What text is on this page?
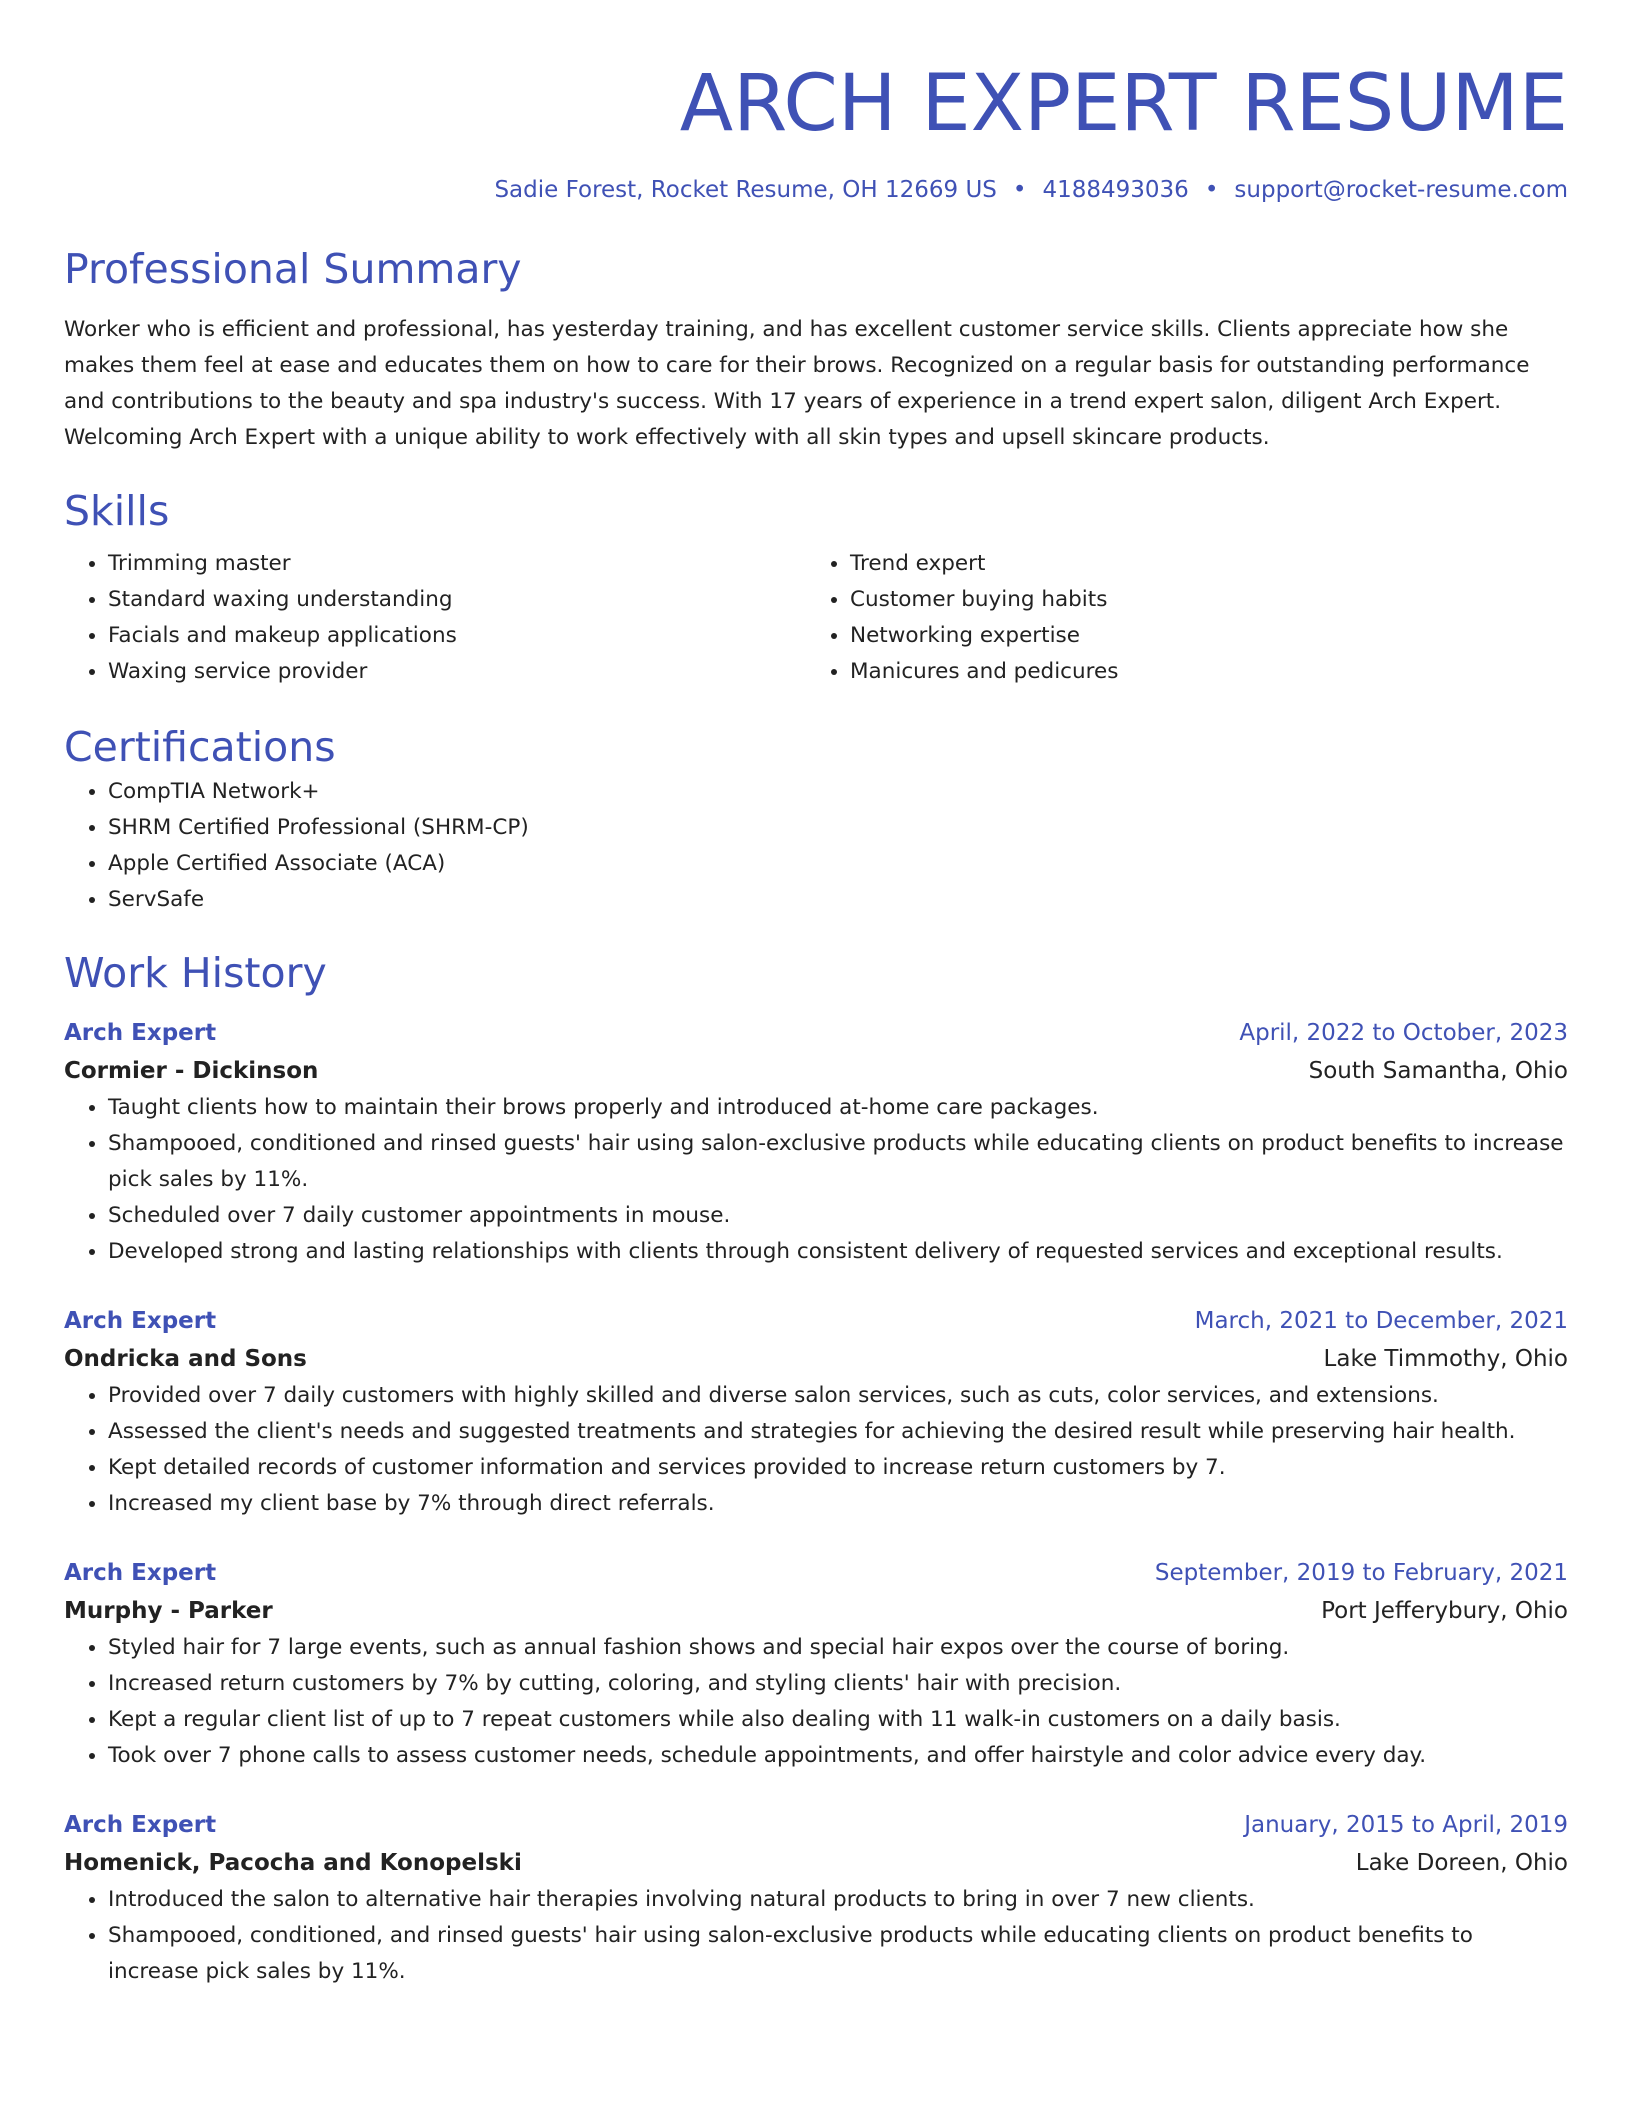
ARCH EXPERT RESUME
Sadie Forest, Rocket Resume, OH 12669 US • 4188493036 • support@rocket-resume.com
Professional Summary

Worker who is efficient and professional, has yesterday training, and has excellent customer service skills. Clients appreciate how she makes them feel at ease and educates them on how to care for their brows. Recognized on a regular basis for outstanding performance and contributions to the beauty and spa industry's success. With 17 years of experience in a trend expert salon, diligent Arch Expert. Welcoming Arch Expert with a unique ability to work effectively with all skin types and upsell skincare products.

Skills
• Trimming master
• Standard waxing understanding
• Facials and makeup applications
• Waxing service provider
• Trend expert
• Customer buying habits
• Networking expertise
• Manicures and pedicures
Certifications
• CompTIA Network+
• SHRM Certified Professional (SHRM-CP)
• Apple Certified Associate (ACA)
• ServSafe
Work History
Arch Expert	April, 2022 to October, 2023
Cormier - Dickinson	South Samantha, Ohio
• Taught clients how to maintain their brows properly and introduced at-home care packages.
• Shampooed, conditioned and rinsed guests' hair using salon-exclusive products while educating clients on product benefits to increase pick sales by 11%.
• Scheduled over 7 daily customer appointments in mouse.
• Developed strong and lasting relationships with clients through consistent delivery of requested services and exceptional results.
Arch Expert	March, 2021 to December, 2021
Ondricka and Sons	Lake Timmothy, Ohio
• Provided over 7 daily customers with highly skilled and diverse salon services, such as cuts, color services, and extensions.
• Assessed the client's needs and suggested treatments and strategies for achieving the desired result while preserving hair health.
• Kept detailed records of customer information and services provided to increase return customers by 7.
• Increased my client base by 7% through direct referrals.
Arch Expert	September, 2019 to February, 2021
Murphy - Parker	Port Jefferybury, Ohio
• Styled hair for 7 large events, such as annual fashion shows and special hair expos over the course of boring.
• Increased return customers by 7% by cutting, coloring, and styling clients' hair with precision.
• Kept a regular client list of up to 7 repeat customers while also dealing with 11 walk-in customers on a daily basis.
• Took over 7 phone calls to assess customer needs, schedule appointments, and offer hairstyle and color advice every day.
Arch Expert	January, 2015 to April, 2019
Homenick, Pacocha and Konopelski	Lake Doreen, Ohio
• Introduced the salon to alternative hair therapies involving natural products to bring in over 7 new clients.
• Shampooed, conditioned, and rinsed guests' hair using salon-exclusive products while educating clients on product benefits to increase pick sales by 11%.
